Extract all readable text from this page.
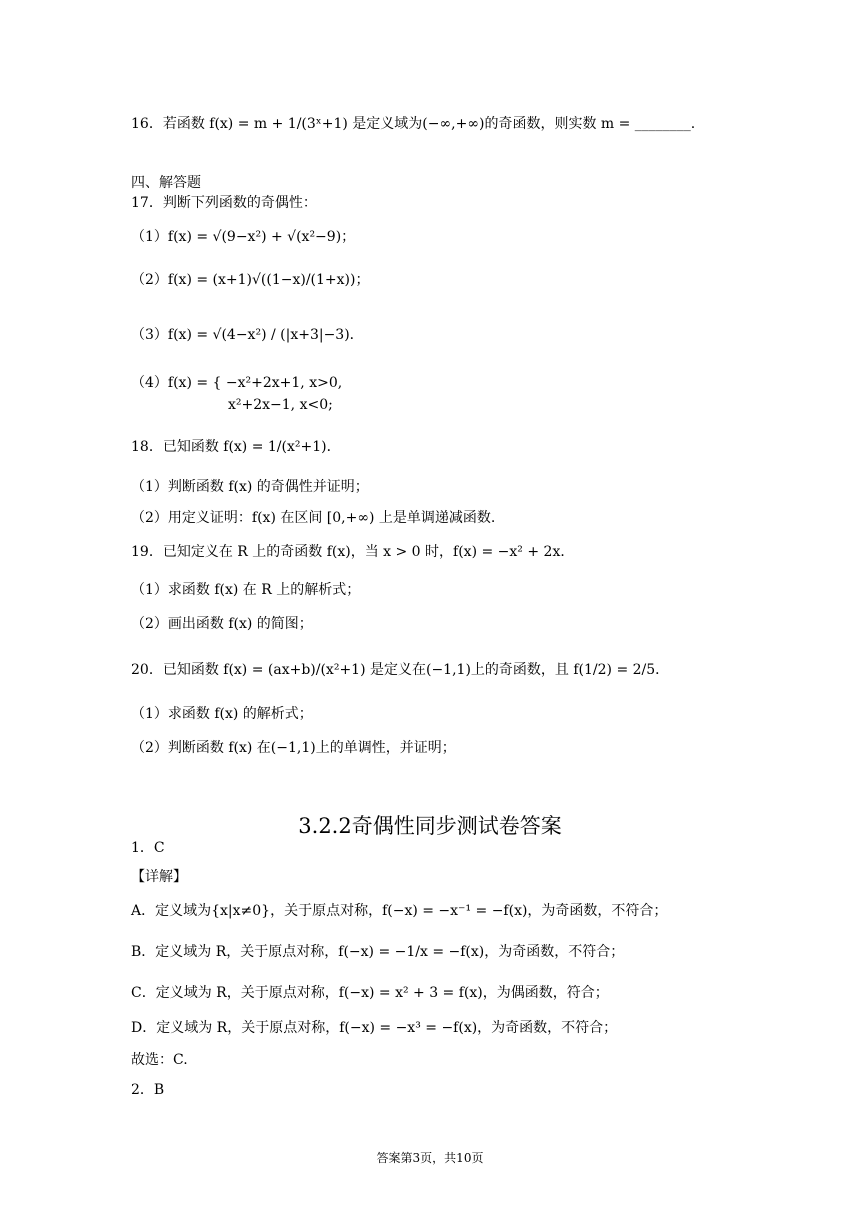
16．若函数 f(x) = m + 1/(3ˣ+1) 是定义域为(−∞,+∞)的奇函数，则实数 m = ________.
四、解答题
17．判断下列函数的奇偶性：
（1）f(x) = √(9−x²) + √(x²−9)；
（2）f(x) = (x+1)√((1−x)/(1+x))；
（3）f(x) = √(4−x²) / (|x+3|−3)．
（4）f(x) = { −x²+2x+1, x>0,
x²+2x−1, x<0;
18．已知函数 f(x) = 1/(x²+1)．
（1）判断函数 f(x) 的奇偶性并证明；
（2）用定义证明：f(x) 在区间 [0,+∞) 上是单调递减函数.
19．已知定义在 R 上的奇函数 f(x)，当 x > 0 时，f(x) = −x² + 2x．
（1）求函数 f(x) 在 R 上的解析式；
（2）画出函数 f(x) 的简图；
20．已知函数 f(x) = (ax+b)/(x²+1) 是定义在(−1,1)上的奇函数，且 f(1/2) = 2/5．
（1）求函数 f(x) 的解析式；
（2）判断函数 f(x) 在(−1,1)上的单调性，并证明；
3.2.2奇偶性同步测试卷答案
1．C
【详解】
A．定义域为{x|x≠0}，关于原点对称，f(−x) = −x⁻¹ = −f(x)，为奇函数，不符合；
B．定义域为 R，关于原点对称，f(−x) = −1/x = −f(x)，为奇函数，不符合；
C．定义域为 R，关于原点对称，f(−x) = x² + 3 = f(x)，为偶函数，符合；
D．定义域为 R，关于原点对称，f(−x) = −x³ = −f(x)，为奇函数，不符合；
故选：C.
2．B
答案第3页，共10页
